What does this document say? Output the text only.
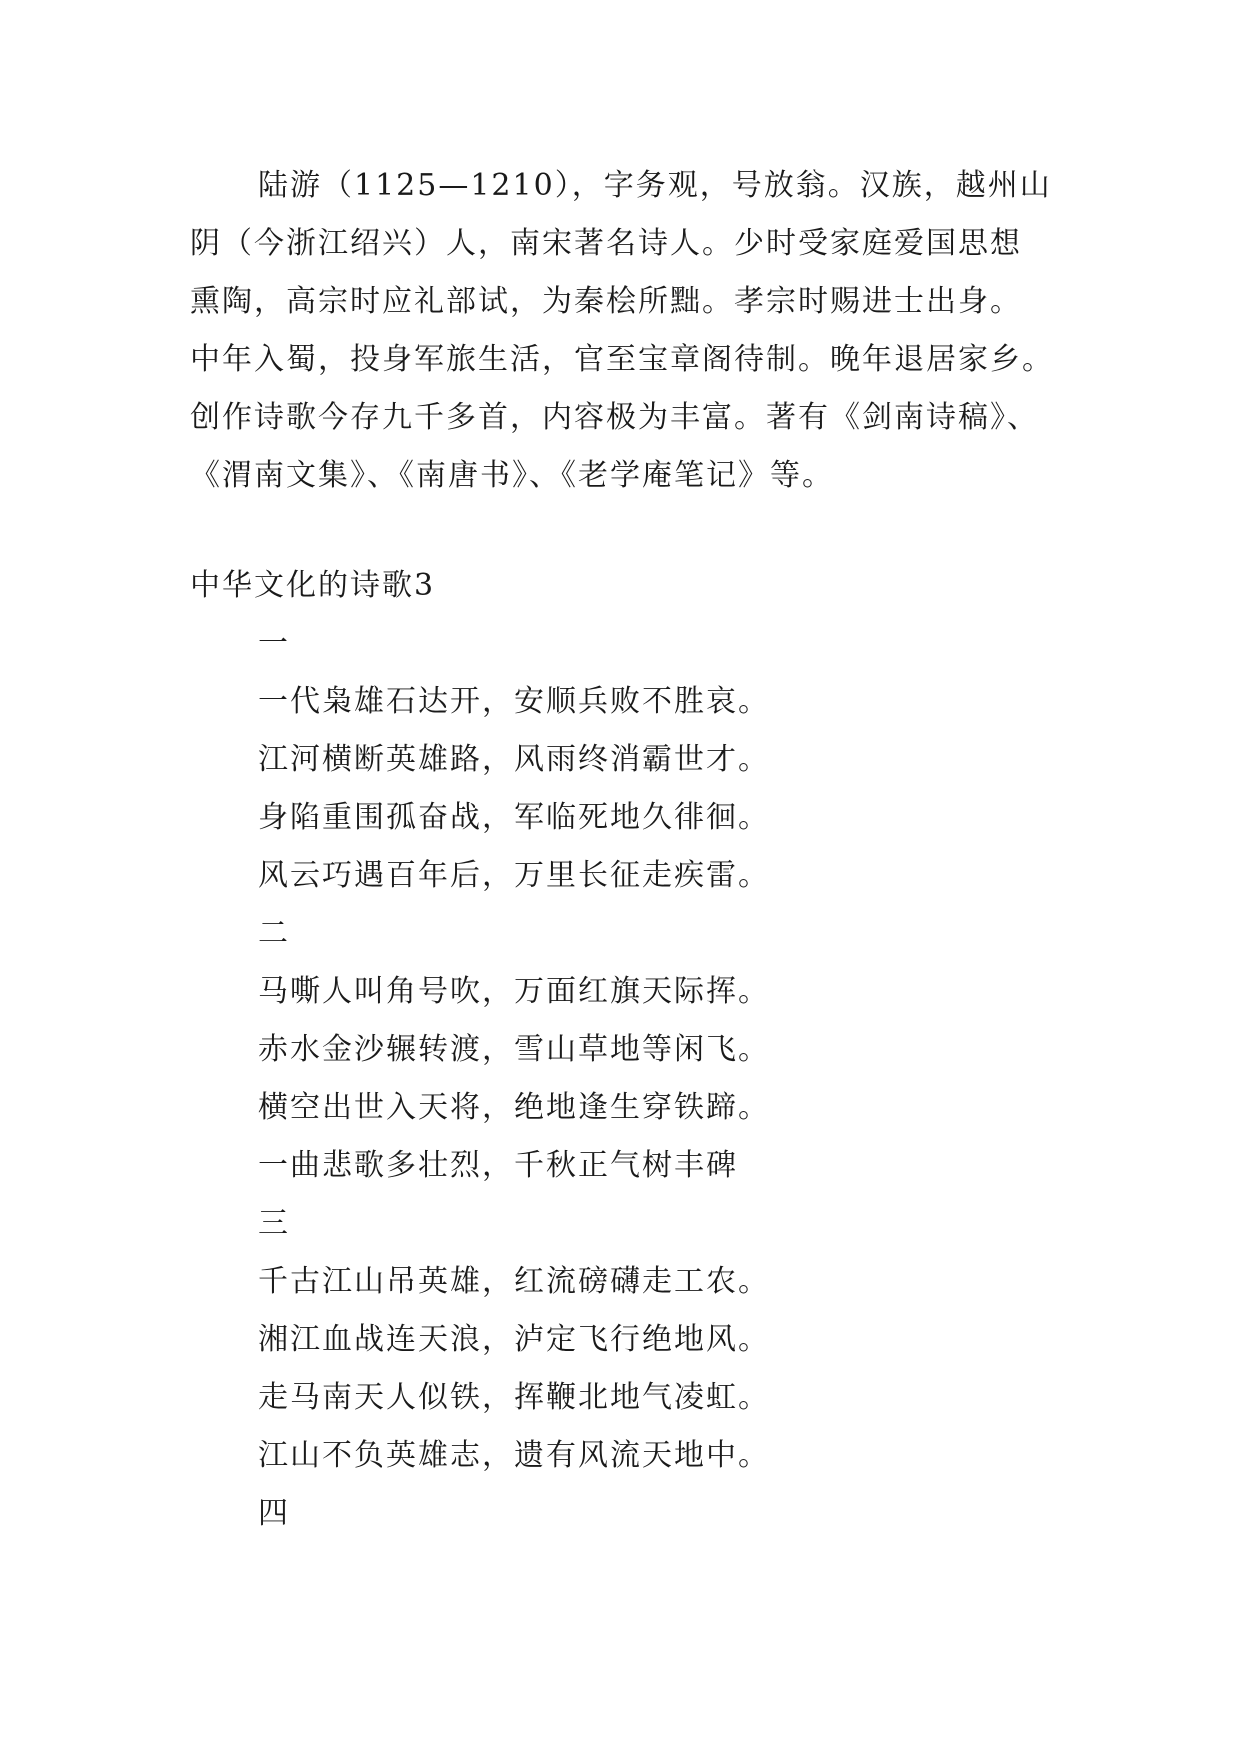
陆游（1125—1210），字务观，号放翁。汉族，越州山
阴（今浙江绍兴）人，南宋著名诗人。少时受家庭爱国思想
熏陶，高宗时应礼部试，为秦桧所黜。孝宗时赐进士出身。
中年入蜀，投身军旅生活，官至宝章阁待制。晚年退居家乡。
创作诗歌今存九千多首，内容极为丰富。著有《剑南诗稿》、
《渭南文集》、《南唐书》、《老学庵笔记》等。
中华文化的诗歌3
一
一代枭雄石达开，安顺兵败不胜哀。
江河横断英雄路，风雨终消霸世才。
身陷重围孤奋战，军临死地久徘徊。
风云巧遇百年后，万里长征走疾雷。
二
马嘶人叫角号吹，万面红旗天际挥。
赤水金沙辗转渡，雪山草地等闲飞。
横空出世入天将，绝地逢生穿铁蹄。
一曲悲歌多壮烈，千秋正气树丰碑
三
千古江山吊英雄，红流磅礴走工农。
湘江血战连天浪，泸定飞行绝地风。
走马南天人似铁，挥鞭北地气凌虹。
江山不负英雄志，遗有风流天地中。
四
